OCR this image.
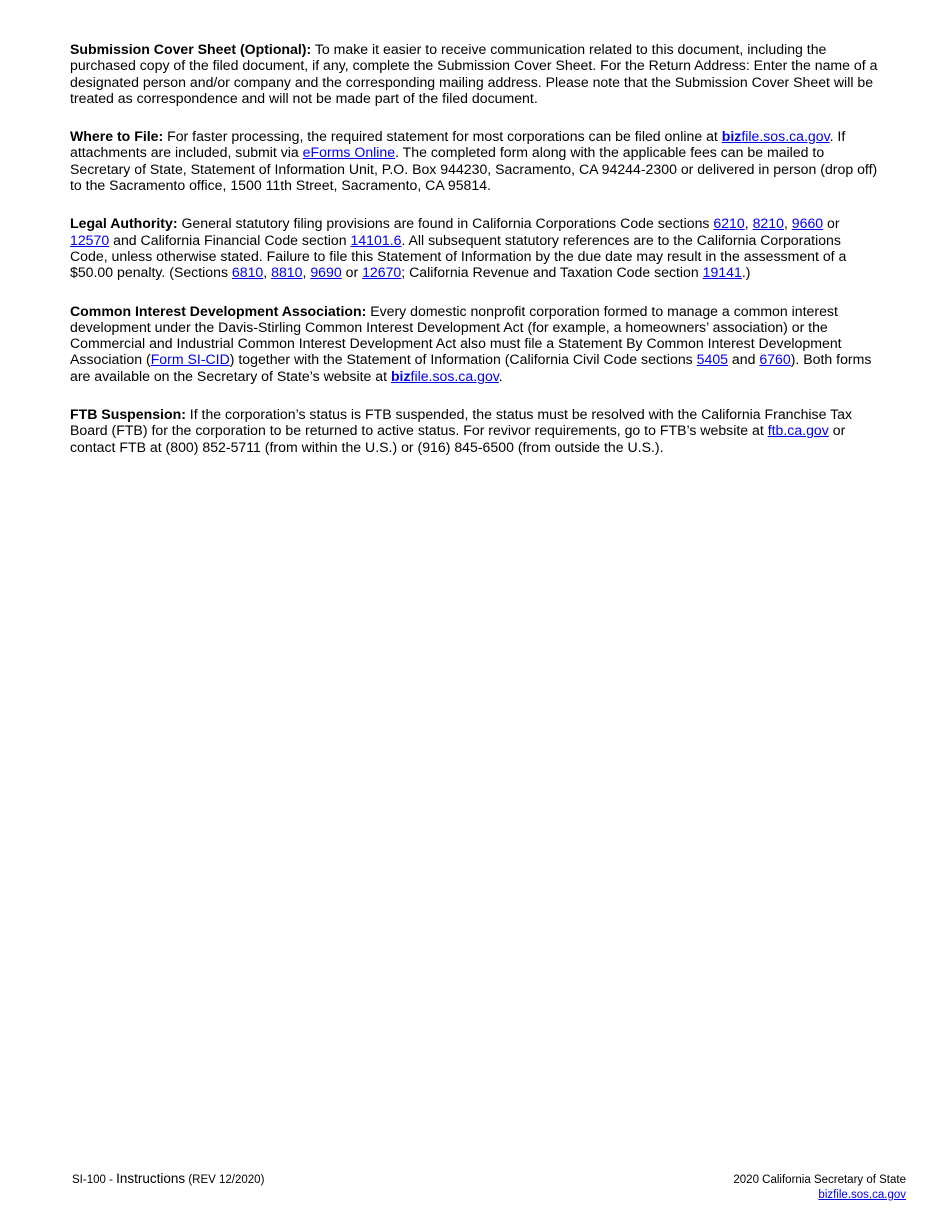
Submission Cover Sheet (Optional): To make it easier to receive communication related to this document, including the purchased copy of the filed document, if any, complete the Submission Cover Sheet. For the Return Address: Enter the name of a designated person and/or company and the corresponding mailing address. Please note that the Submission Cover Sheet will be treated as correspondence and will not be made part of the filed document.

Where to File: For faster processing, the required statement for most corporations can be filed online at bizfile.sos.ca.gov. If attachments are included, submit via eForms Online. The completed form along with the applicable fees can be mailed to Secretary of State, Statement of Information Unit, P.O. Box 944230, Sacramento, CA 94244-2300 or delivered in person (drop off) to the Sacramento office, 1500 11th Street, Sacramento, CA 95814.

Legal Authority: General statutory filing provisions are found in California Corporations Code sections 6210, 8210, 9660 or 12570 and California Financial Code section 14101.6. All subsequent statutory references are to the California Corporations Code, unless otherwise stated. Failure to file this Statement of Information by the due date may result in the assessment of a $50.00 penalty. (Sections 6810, 8810, 9690 or 12670; California Revenue and Taxation Code section 19141.)

Common Interest Development Association: Every domestic nonprofit corporation formed to manage a common interest development under the Davis-Stirling Common Interest Development Act (for example, a homeowners’ association) or the Commercial and Industrial Common Interest Development Act also must file a Statement By Common Interest Development Association (Form SI-CID) together with the Statement of Information (California Civil Code sections 5405 and 6760). Both forms are available on the Secretary of State’s website at bizfile.sos.ca.gov.

FTB Suspension: If the corporation’s status is FTB suspended, the status must be resolved with the California Franchise Tax Board (FTB) for the corporation to be returned to active status. For revivor requirements, go to FTB’s website at ftb.ca.gov or contact FTB at (800) 852-5711 (from within the U.S.) or (916) 845-6500 (from outside the U.S.).

SI-100 - Instructions (REV 12/2020)	2020 California Secretary of State
bizfile.sos.ca.gov
